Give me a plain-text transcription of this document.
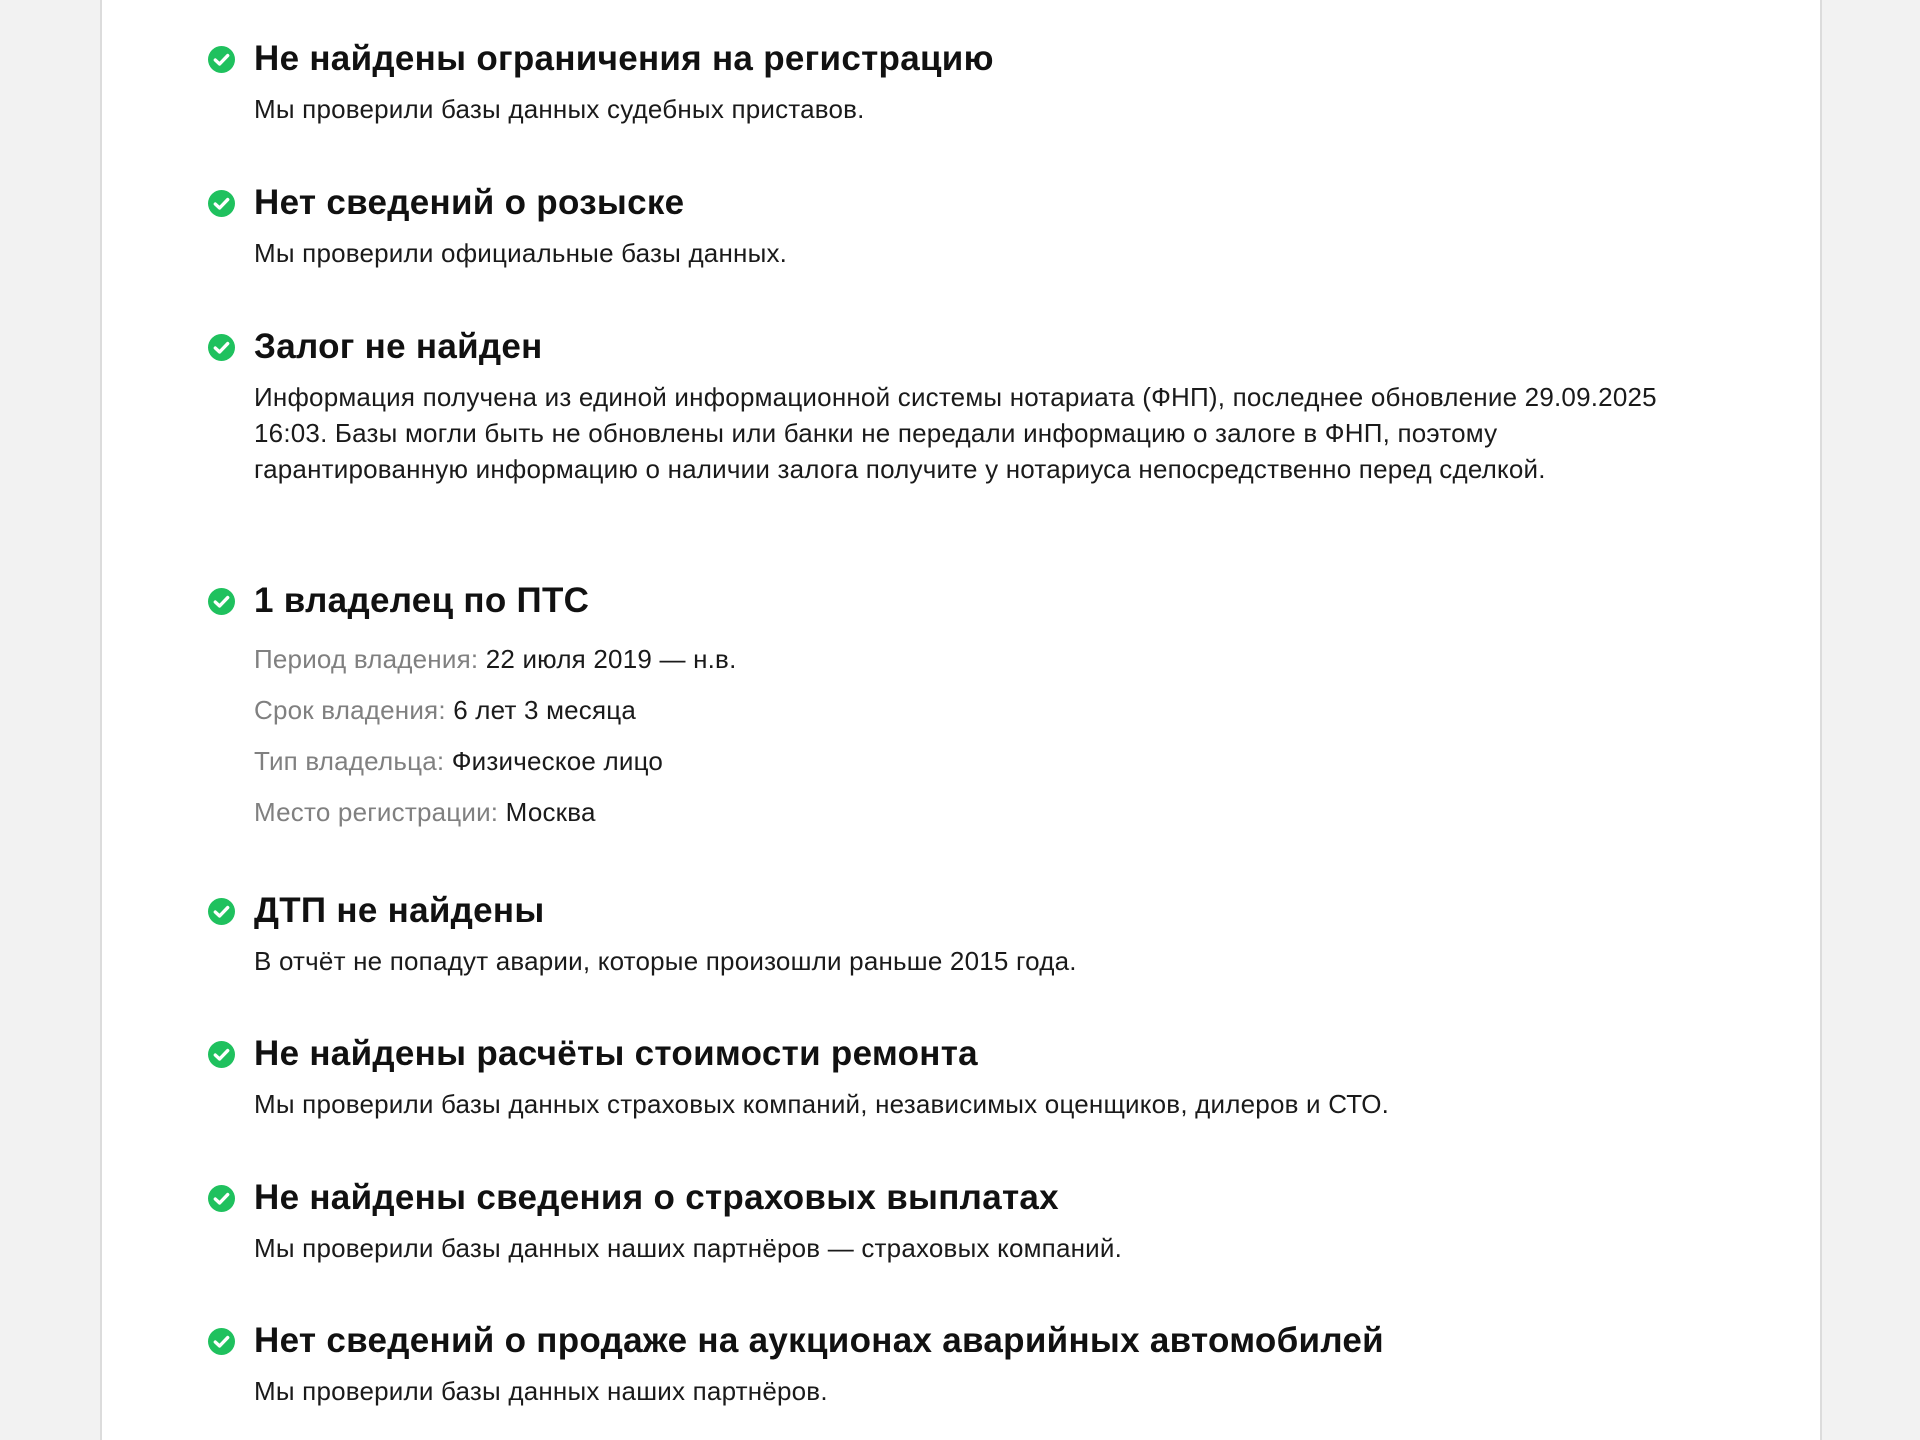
Не найдены ограничения на регистрацию

Мы проверили базы данных судебных приставов.

Нет сведений о розыске

Мы проверили официальные базы данных.

Залог не найден

Информация получена из единой информационной системы нотариата (ФНП), последнее обновление 29.09.2025 16:03. Базы могли быть не обновлены или банки не передали информацию о залоге в ФНП, поэтому гарантированную информацию о наличии залога получите у нотариуса непосредственно перед сделкой.

1 владелец по ПТС
Период владения: 22 июля 2019 — н.в.
Срок владения: 6 лет 3 месяца
Тип владельца: Физическое лицо
Место регистрации: Москва
ДТП не найдены

В отчёт не попадут аварии, которые произошли раньше 2015 года.

Не найдены расчёты стоимости ремонта

Мы проверили базы данных страховых компаний, независимых оценщиков, дилеров и СТО.

Не найдены сведения о страховых выплатах

Мы проверили базы данных наших партнёров — страховых компаний.

Нет сведений о продаже на аукционах аварийных автомобилей

Мы проверили базы данных наших партнёров.
